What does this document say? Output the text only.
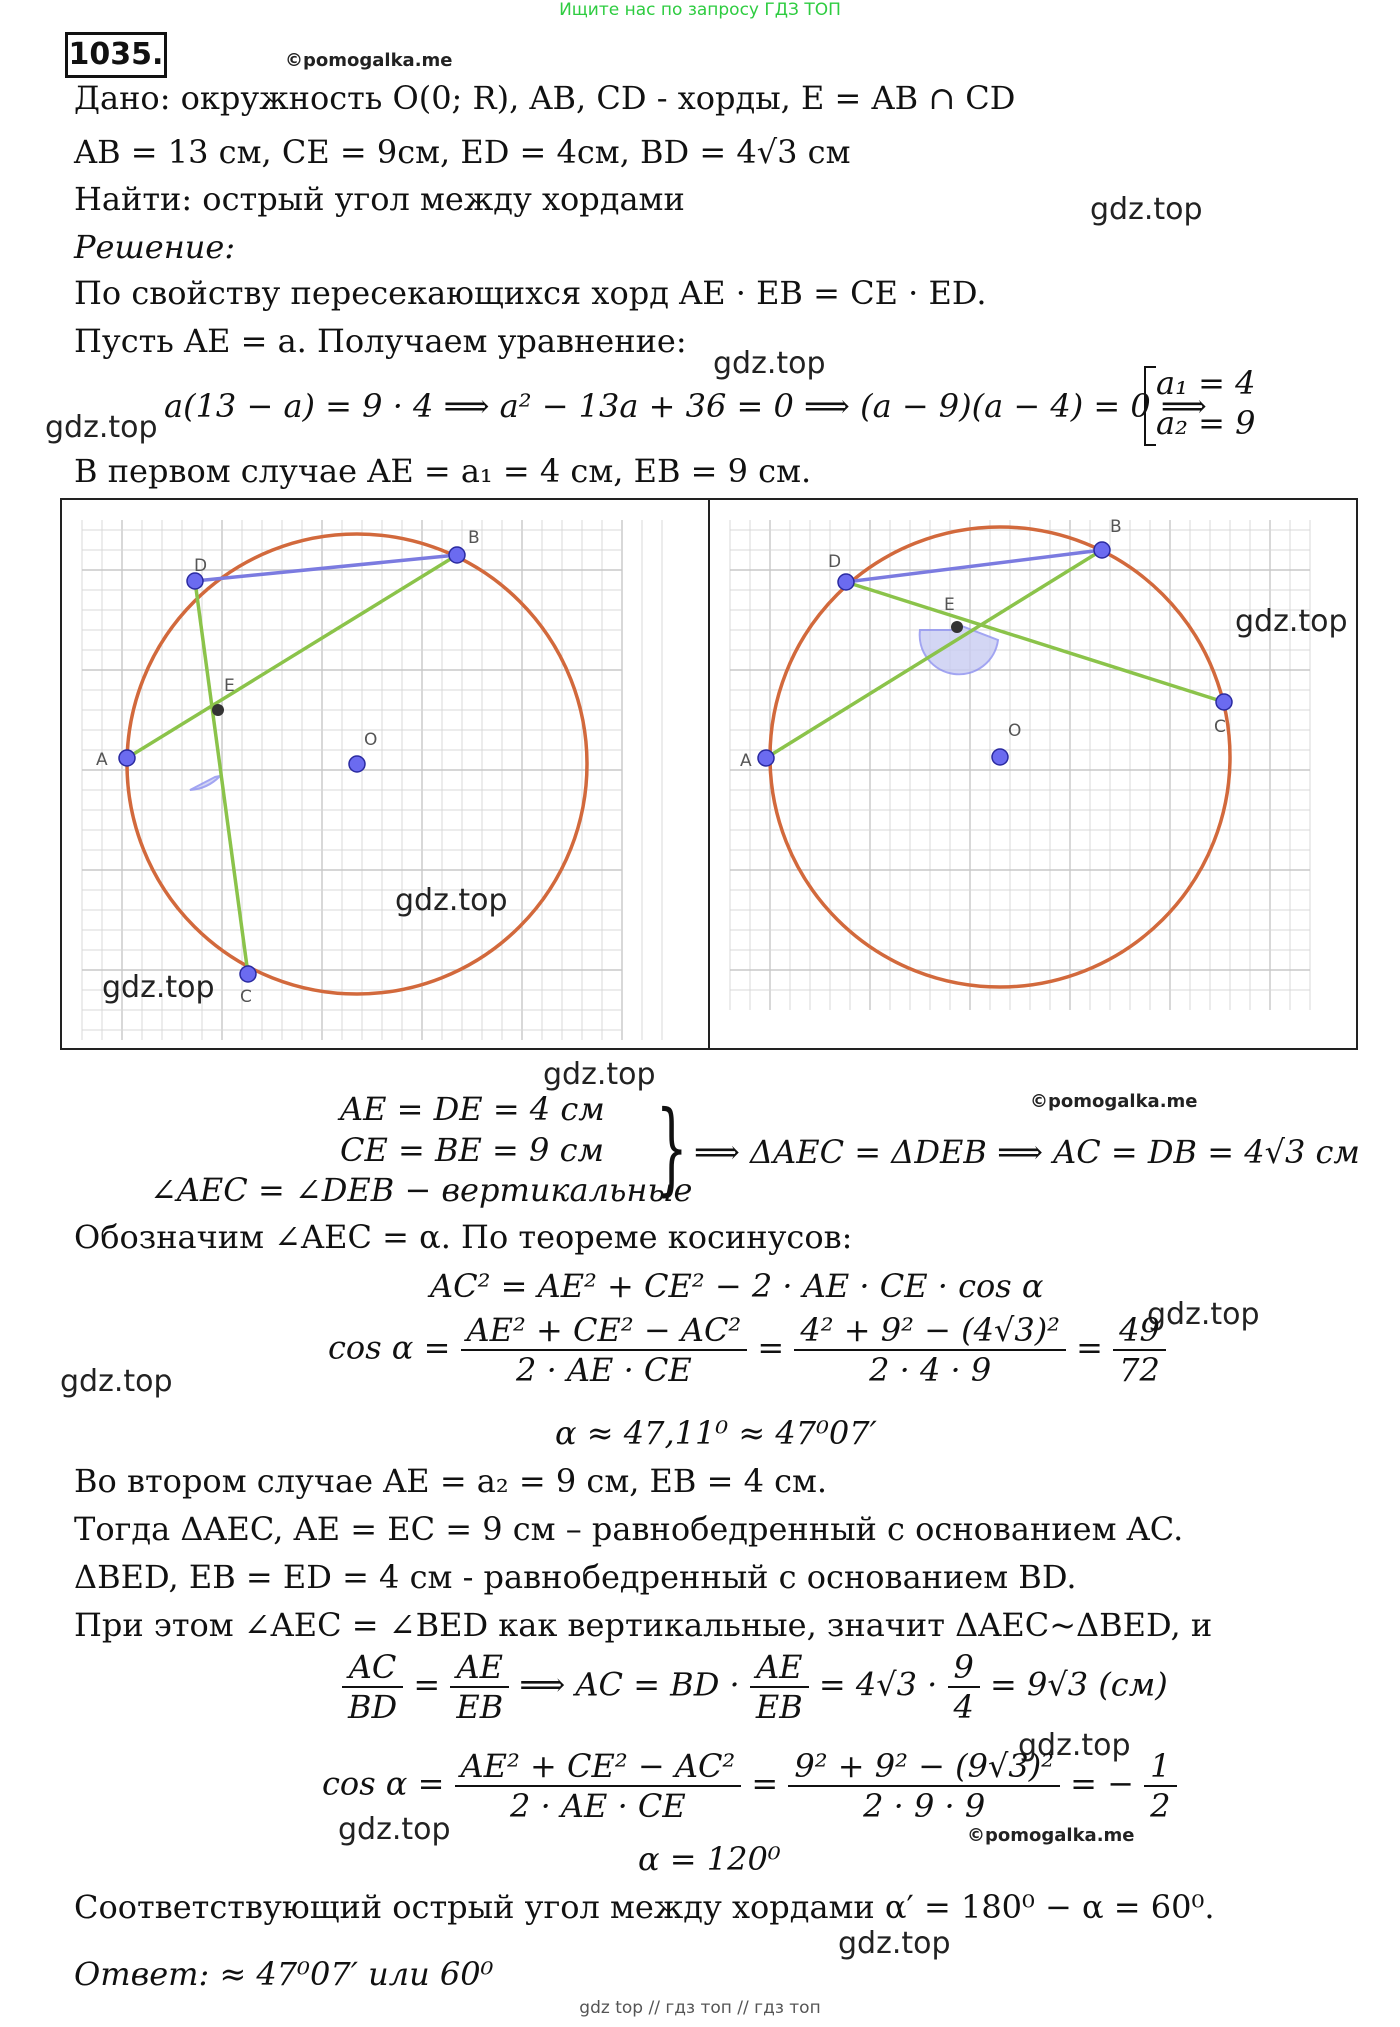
Ищите нас по запросу ГДЗ ТОП
1035.	©pomogalka.me
Дано: окружность O(0; R), AB, CD - хорды, E = AB ∩ CD
AB = 13 см, CE = 9см, ED = 4см, BD = 4√3 см
Найти: острый угол между хордами	gdz.top
Решение:
По свойству пересекающихся хорд AE · EB = CE · ED.
Пусть AE = a. Получаем уравнение:
gdz.top
gdz.top
a(13 − a) = 9 · 4 ⟹ a² − 13a + 36 = 0 ⟹ (a − 9)(a − 4) = 0 ⟹
a₁ = 4
a₂ = 9
В первом случае AE = a₁ = 4 см, EB = 9 см.
A
B
C
D
E
O
gdz.top
gdz.top
A
B
C
D
E
O
gdz.top
gdz.top
AE = DE = 4 см
CE = BE = 9 см
∠AEC = ∠DEB − вертикальные
} ⟹ ΔAEC = ΔDEB ⟹ AC = DB = 4√3 см
©pomogalka.me
Обозначим ∠AEC = α. По теореме косинусов:
AC² = AE² + CE² − 2 · AE · CE · cos α
gdz.top
gdz.top
$\cos \alpha = \frac{\text{AE² + CE² − AC²}}{2 \cdot AE \cdot CE} = \frac{\text{4² + 9² − (4√3)²}}{2 \cdot 4 \cdot 9} = \frac{49}{72}$
α ≈ 47,11⁰ ≈ 47⁰07′
Во втором случае AE = a₂ = 9 см, EB = 4 см.
Тогда ΔAEC, AE = EC = 9 см – равнобедренный с основанием AC.
ΔBED, EB = ED = 4 см - равнобедренный с основанием BD.
При этом ∠AEC = ∠BED как вертикальные, значит ΔAEC~ΔBED, и
$\frac{AC}{BD} = \frac{AE}{EB}$ ⟹ AC = BD · $\frac{AE}{EB} = 4√3 \cdot \frac{9}{4} = 9√3$ (см)
gdz.top
$\cos \alpha = \frac{\text{AE² + CE² − AC²}}{2 \cdot AE \cdot CE} = \frac{\text{9² + 9² − (9√3)²}}{2 \cdot 9 \cdot 9}$ = − $\frac{1}{2}$
gdz.top	©pomogalka.me
α = 120⁰
Соответствующий острый угол между хордами α′ = 180⁰ − α = 60⁰.
gdz.top
Ответ: ≈ 47⁰07′ или 60⁰
gdz top // гдз топ // гдз топ
